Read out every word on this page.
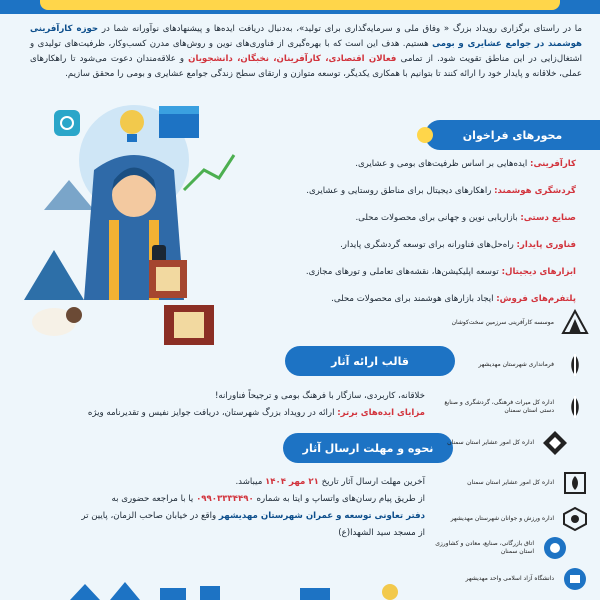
ما در راستای برگزاری رویداد بزرگ « وفاق ملی و سرمایه‌گذاری برای تولید»، به‌دنبال دریافت ایده‌ها و پیشنهادهای نوآورانه شما در حوزه کارآفرینی هوشمند در جوامع عشایری و بومی هستیم. هدف این است که با بهره‌گیری از فناوری‌های نوین و روش‌های مدرن کسب‌وکار، ظرفیت‌های تولیدی و اشتغال‌زایی در این مناطق تقویت شود. از تمامی فعالان اقتصادی، کارآفرینان، نخبگان، دانشجویان و علاقه‌مندان دعوت می‌شود تا راهکارهای عملی، خلاقانه و پایدار خود را ارائه کنند تا بتوانیم با همکاری یکدیگر، توسعه متوازن و ارتقای سطح زندگی جوامع عشایری و بومی را محقق سازیم.
محورهای فراخوان
کارآفرینی: ایده‌هایی بر اساس ظرفیت‌های بومی و عشایری.
گردشگری هوشمند: راهکارهای دیجیتال برای مناطق روستایی و عشایری.
صنایع دستی: بازاریابی نوین و جهانی برای محصولات محلی.
فناوری پایدار: راه‌حل‌های فناورانه برای توسعه گردشگری پایدار.
ابزارهای دیجیتال: توسعه اپلیکیشن‌ها، نقشه‌های تعاملی و تورهای مجازی.
پلتفرم‌های فروش: ایجاد بازارهای هوشمند برای محصولات محلی.
قالب ارائه آثار
خلاقانه، کاربردی، سازگار با فرهنگ بومی و ترجیحاً فناورانه!
مزایای ایده‌های برتر: ارائه در رویداد بزرگ شهرستان، دریافت جوایز نفیس و تقدیرنامه ویژه
نحوه و مهلت ارسال آثار
آخرین مهلت ارسال آثار تاریخ ۲۱ مهر ۱۴۰۴ میباشد.
از طریق پیام رسان‌های واتساپ و ایتا به شماره ۰۹۹۰۳۳۳۴۴۹۰ یا با مراجعه حضوری به
دفتر تعاونی توسعه و عمران شهرستان مهدیشهر واقع در خیابان صاحب الزمان، پایین تر
از مسجد سید الشهدا(ع)
موسسه کارآفرینی سرزمین سخت‌کوشان
فرمانداری شهرستان مهدیشهر
اداره کل میراث فرهنگی، گردشگری و صنایع دستی استان سمنان
اداره کل امور عشایر استان سمنان
اداره کل امور عشایر استان سمنان
اداره ورزش و جوانان شهرستان مهدیشهر
اتاق بازرگانی، صنایع، معادن و کشاورزی استان سمنان
دانشگاه آزاد اسلامی واحد مهدیشهر
